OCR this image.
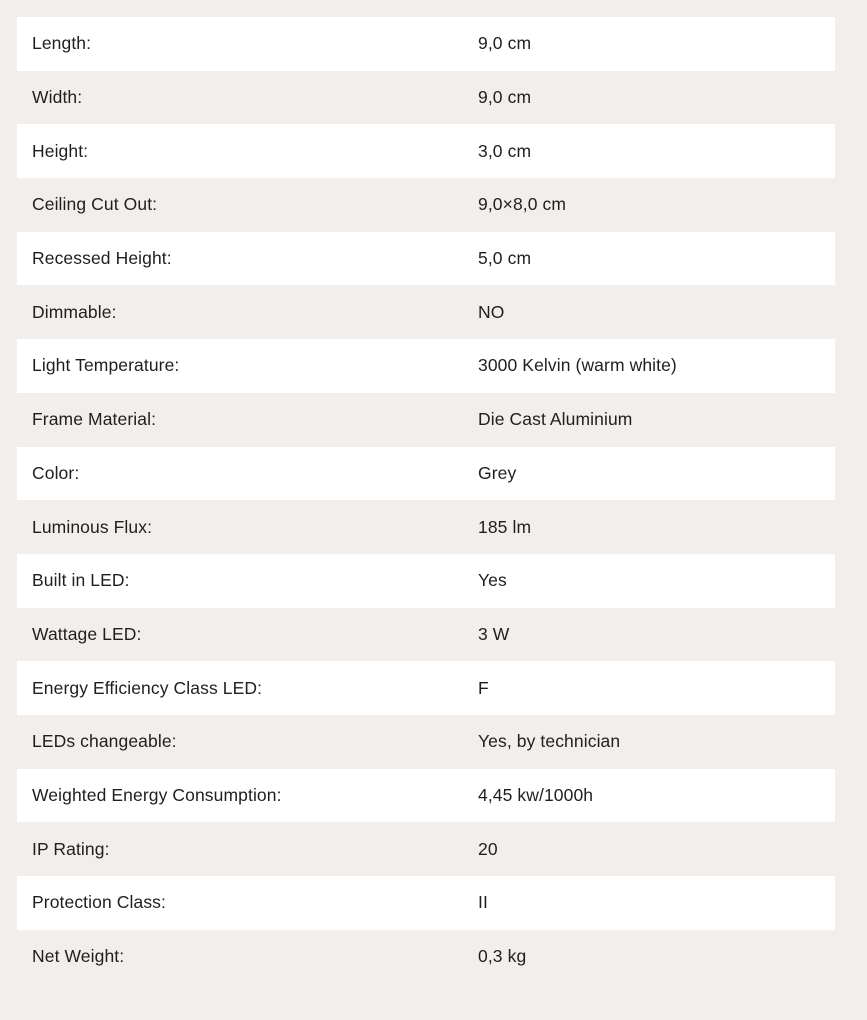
Length:	9,0 cm
Width:	9,0 cm
Height:	3,0 cm
Ceiling Cut Out:	9,0×8,0 cm
Recessed Height:	5,0 cm
Dimmable:	NO
Light Temperature:	3000 Kelvin (warm white)
Frame Material:	Die Cast Aluminium
Color:	Grey
Luminous Flux:	185 lm
Built in LED:	Yes
Wattage LED:	3 W
Energy Efficiency Class LED:	F
LEDs changeable:	Yes, by technician
Weighted Energy Consumption:	4,45 kw/1000h
IP Rating:	20
Protection Class:	II
Net Weight:	0,3 kg
